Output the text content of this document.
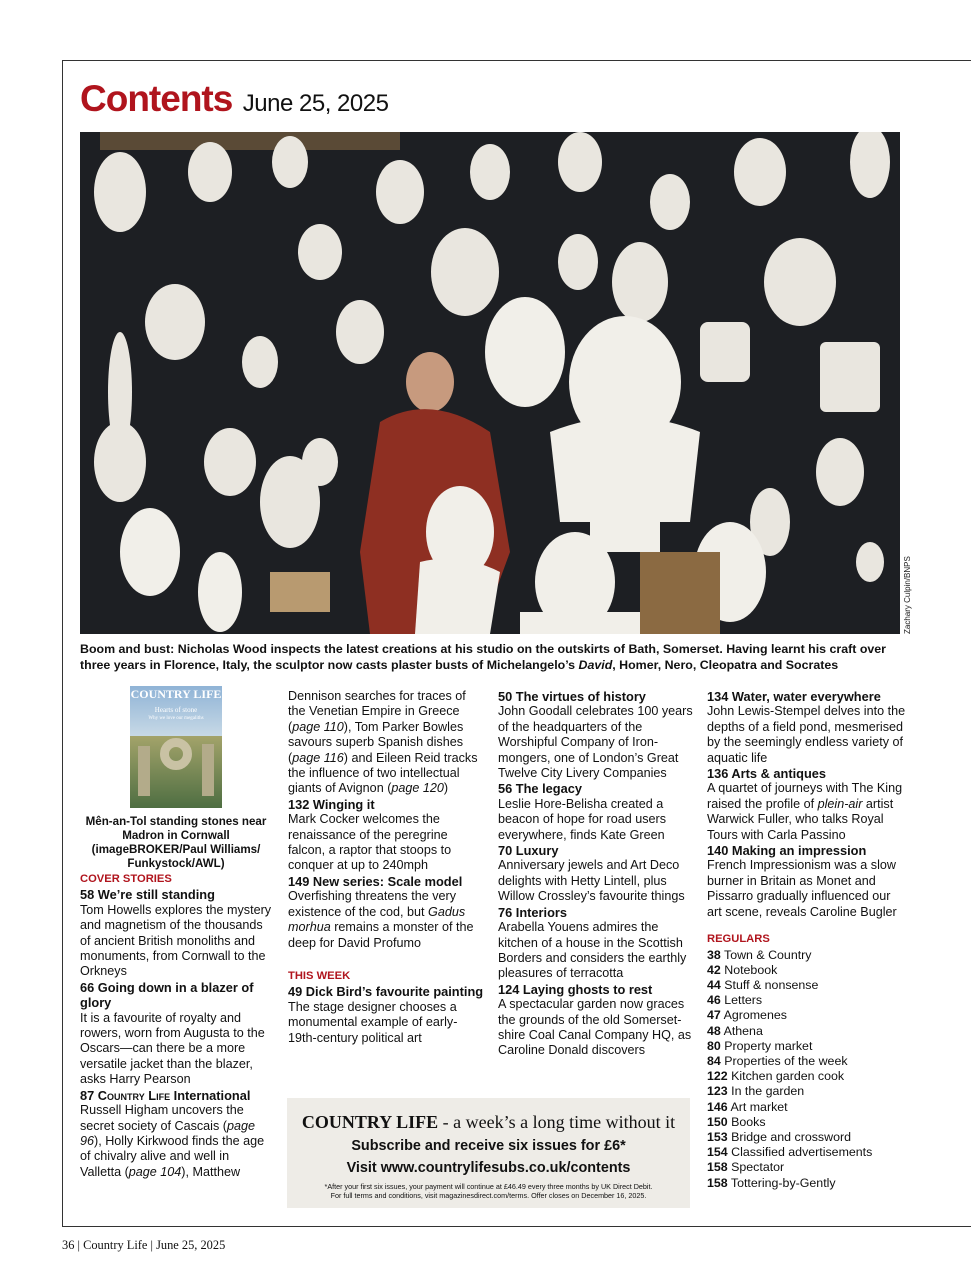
Contents June 25, 2025
Zachary Culpin/BNPS
Boom and bust: Nicholas Wood inspects the latest creations at his studio on the outskirts of Bath, Somerset. Having learnt his craft over three years in Florence, Italy, the sculptor now casts plaster busts of Michelangelo’s David, Homer, Nero, Cleopatra and Socrates
COUNTRY LIFE
Hearts of stone
Why we love our megaliths
Mên-an-Tol standing stones near Madron in Cornwall (imageBROKER/Paul Williams/ Funkystock/AWL)

COVER STORIES

58 We’re still standing

Tom Howells explores the mystery and magnetism of the thousands of ancient British monoliths and monuments, from Cornwall to the Orkneys

66 Going down in a blazer of glory

It is a favourite of royalty and rowers, worn from Augusta to the Oscars—can there be a more versatile jacket than the blazer, asks Harry Pearson

87 Country Life International

Russell Higham uncovers the secret society of Cascais (page 96), Holly Kirkwood finds the age of chivalry alive and well in Valletta (page 104), Matthew

Dennison searches for traces of the Venetian Empire in Greece (page 110), Tom Parker Bowles savours superb Spanish dishes (page 116) and Eileen Reid tracks the influence of two intellectual giants of Avignon (page 120)

132 Winging it

Mark Cocker welcomes the renaissance of the peregrine falcon, a raptor that stoops to conquer at up to 240mph

149 New series: Scale model

Overfishing threatens the very existence of the cod, but Gadus morhua remains a monster of the deep for David Profumo

THIS WEEK

49 Dick Bird’s favourite painting

The stage designer chooses a monumental example of early-19th-century political art

50 The virtues of history

John Goodall celebrates 100 years of the headquarters of the Worshipful Company of Iron-mongers, one of London’s Great Twelve City Livery Companies

56 The legacy

Leslie Hore-Belisha created a beacon of hope for road users everywhere, finds Kate Green

70 Luxury

Anniversary jewels and Art Deco delights with Hetty Lintell, plus Willow Crossley’s favourite things

76 Interiors

Arabella Youens admires the kitchen of a house in the Scottish Borders and considers the earthly pleasures of terracotta

124 Laying ghosts to rest

A spectacular garden now graces the grounds of the old Somerset-shire Coal Canal Company HQ, as Caroline Donald discovers

134 Water, water everywhere

John Lewis-Stempel delves into the depths of a field pond, mesmerised by the seemingly endless variety of aquatic life

136 Arts & antiques

A quartet of journeys with The King raised the profile of plein-air artist Warwick Fuller, who talks Royal Tours with Carla Passino

140 Making an impression

French Impressionism was a slow burner in Britain as Monet and Pissarro gradually influenced our art scene, reveals Caroline Bugler

REGULARS

38 Town & Country
42 Notebook
44 Stuff & nonsense
46 Letters
47 Agromenes
48 Athena
80 Property market
84 Properties of the week
122 Kitchen garden cook
123 In the garden
146 Art market
150 Books
153 Bridge and crossword
154 Classified advertisements
158 Spectator
158 Tottering-by-Gently
COUNTRY LIFE - a week’s a long time without it
Subscribe and receive six issues for £6*
Visit www.countrylifesubs.co.uk/contents
*After your first six issues, your payment will continue at £46.49 every three months by UK Direct Debit.
For full terms and conditions, visit magazinesdirect.com/terms. Offer closes on December 16, 2025.
36 | Country Life | June 25, 2025
